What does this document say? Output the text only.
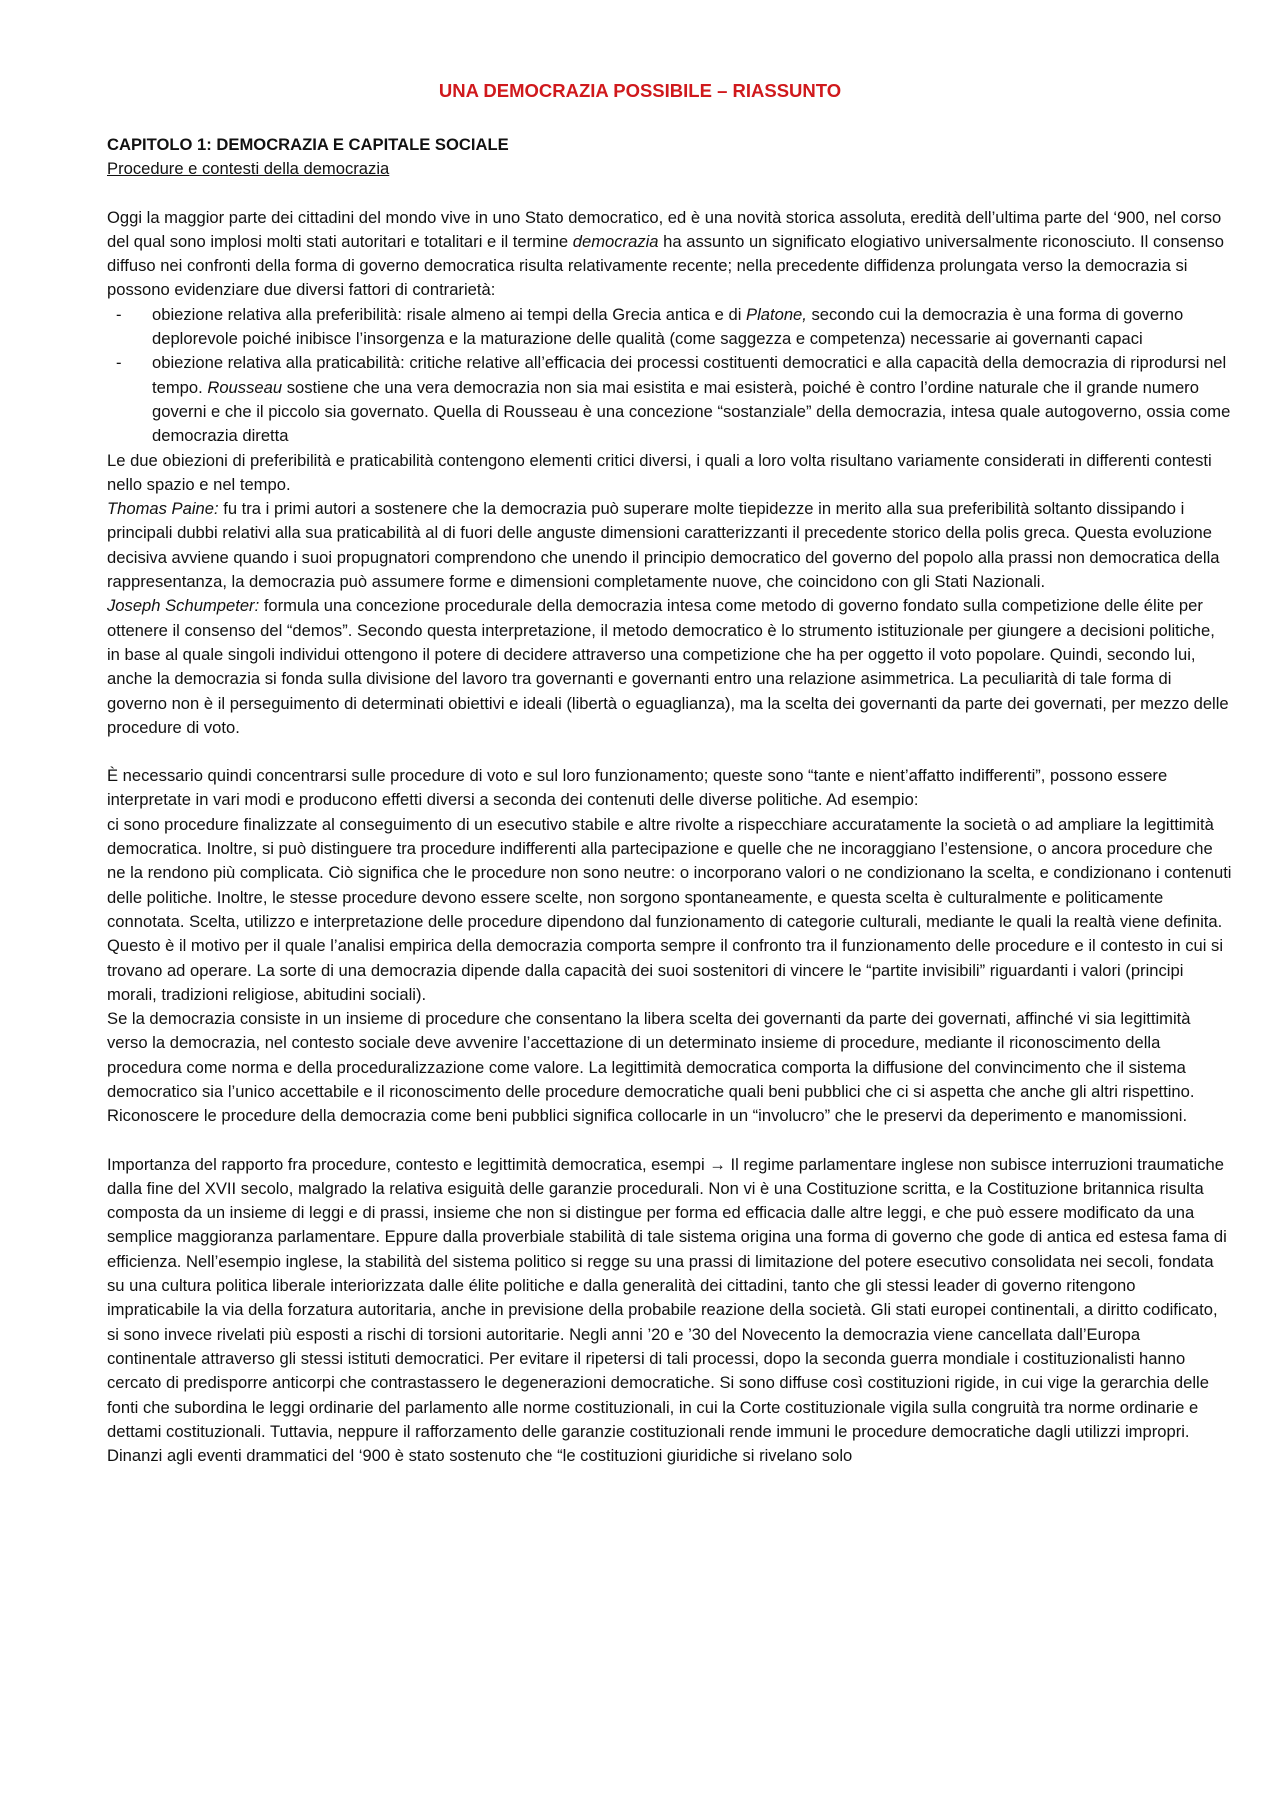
UNA DEMOCRAZIA POSSIBILE – RIASSUNTO

CAPITOLO 1: DEMOCRAZIA E CAPITALE SOCIALE

Procedure e contesti della democrazia

Oggi la maggior parte dei cittadini del mondo vive in uno Stato democratico, ed è una novità storica assoluta, eredità dell’ultima parte del ‘900, nel corso del qual sono implosi molti stati autoritari e totalitari e il termine democrazia ha assunto un significato elogiativo universalmente riconosciuto. Il consenso diffuso nei confronti della forma di governo democratica risulta relativamente recente; nella precedente diffidenza prolungata verso la democrazia si possono evidenziare due diversi fattori di contrarietà:

- obiezione relativa alla preferibilità: risale almeno ai tempi della Grecia antica e di Platone, secondo cui la democrazia è una forma di governo deplorevole poiché inibisce l’insorgenza e la maturazione delle qualità (come saggezza e competenza) necessarie ai governanti capaci
- obiezione relativa alla praticabilità: critiche relative all’efficacia dei processi costituenti democratici e alla capacità della democrazia di riprodursi nel tempo. Rousseau sostiene che una vera democrazia non sia mai esistita e mai esisterà, poiché è contro l’ordine naturale che il grande numero governi e che il piccolo sia governato. Quella di Rousseau è una concezione “sostanziale” della democrazia, intesa quale autogoverno, ossia come democrazia diretta

Le due obiezioni di preferibilità e praticabilità contengono elementi critici diversi, i quali a loro volta risultano variamente considerati in differenti contesti nello spazio e nel tempo.

Thomas Paine: fu tra i primi autori a sostenere che la democrazia può superare molte tiepidezze in merito alla sua preferibilità soltanto dissipando i principali dubbi relativi alla sua praticabilità al di fuori delle anguste dimensioni caratterizzanti il precedente storico della polis greca. Questa evoluzione decisiva avviene quando i suoi propugnatori comprendono che unendo il principio democratico del governo del popolo alla prassi non democratica della rappresentanza, la democrazia può assumere forme e dimensioni completamente nuove, che coincidono con gli Stati Nazionali.

Joseph Schumpeter: formula una concezione procedurale della democrazia intesa come metodo di governo fondato sulla competizione delle élite per ottenere il consenso del “demos”. Secondo questa interpretazione, il metodo democratico è lo strumento istituzionale per giungere a decisioni politiche, in base al quale singoli individui ottengono il potere di decidere attraverso una competizione che ha per oggetto il voto popolare. Quindi, secondo lui, anche la democrazia si fonda sulla divisione del lavoro tra governanti e governanti entro una relazione asimmetrica. La peculiarità di tale forma di governo non è il perseguimento di determinati obiettivi e ideali (libertà o eguaglianza), ma la scelta dei governanti da parte dei governati, per mezzo delle procedure di voto.

È necessario quindi concentrarsi sulle procedure di voto e sul loro funzionamento; queste sono “tante e nient’affatto indifferenti”, possono essere interpretate in vari modi e producono effetti diversi a seconda dei contenuti delle diverse politiche. Ad esempio:

ci sono procedure finalizzate al conseguimento di un esecutivo stabile e altre rivolte a rispecchiare accuratamente la società o ad ampliare la legittimità democratica. Inoltre, si può distinguere tra procedure indifferenti alla partecipazione e quelle che ne incoraggiano l’estensione, o ancora procedure che ne la rendono più complicata. Ciò significa che le procedure non sono neutre: o incorporano valori o ne condizionano la scelta, e condizionano i contenuti delle politiche. Inoltre, le stesse procedure devono essere scelte, non sorgono spontaneamente, e questa scelta è culturalmente e politicamente connotata. Scelta, utilizzo e interpretazione delle procedure dipendono dal funzionamento di categorie culturali, mediante le quali la realtà viene definita. Questo è il motivo per il quale l’analisi empirica della democrazia comporta sempre il confronto tra il funzionamento delle procedure e il contesto in cui si trovano ad operare. La sorte di una democrazia dipende dalla capacità dei suoi sostenitori di vincere le “partite invisibili” riguardanti i valori (principi morali, tradizioni religiose, abitudini sociali).

Se la democrazia consiste in un insieme di procedure che consentano la libera scelta dei governanti da parte dei governati, affinché vi sia legittimità verso la democrazia, nel contesto sociale deve avvenire l’accettazione di un determinato insieme di procedure, mediante il riconoscimento della procedura come norma e della proceduralizzazione come valore. La legittimità democratica comporta la diffusione del convincimento che il sistema democratico sia l’unico accettabile e il riconoscimento delle procedure democratiche quali beni pubblici che ci si aspetta che anche gli altri rispettino. Riconoscere le procedure della democrazia come beni pubblici significa collocarle in un “involucro” che le preservi da deperimento e manomissioni.

Importanza del rapporto fra procedure, contesto e legittimità democratica, esempi → Il regime parlamentare inglese non subisce interruzioni traumatiche dalla fine del XVII secolo, malgrado la relativa esiguità delle garanzie procedurali. Non vi è una Costituzione scritta, e la Costituzione britannica risulta composta da un insieme di leggi e di prassi, insieme che non si distingue per forma ed efficacia dalle altre leggi, e che può essere modificato da una semplice maggioranza parlamentare. Eppure dalla proverbiale stabilità di tale sistema origina una forma di governo che gode di antica ed estesa fama di efficienza. Nell’esempio inglese, la stabilità del sistema politico si regge su una prassi di limitazione del potere esecutivo consolidata nei secoli, fondata su una cultura politica liberale interiorizzata dalle élite politiche e dalla generalità dei cittadini, tanto che gli stessi leader di governo ritengono impraticabile la via della forzatura autoritaria, anche in previsione della probabile reazione della società. Gli stati europei continentali, a diritto codificato, si sono invece rivelati più esposti a rischi di torsioni autoritarie. Negli anni ’20 e ’30 del Novecento la democrazia viene cancellata dall’Europa continentale attraverso gli stessi istituti democratici. Per evitare il ripetersi di tali processi, dopo la seconda guerra mondiale i costituzionalisti hanno cercato di predisporre anticorpi che contrastassero le degenerazioni democratiche. Si sono diffuse così costituzioni rigide, in cui vige la gerarchia delle fonti che subordina le leggi ordinarie del parlamento alle norme costituzionali, in cui la Corte costituzionale vigila sulla congruità tra norme ordinarie e dettami costituzionali. Tuttavia, neppure il rafforzamento delle garanzie costituzionali rende immuni le procedure democratiche dagli utilizzi impropri. Dinanzi agli eventi drammatici del ‘900 è stato sostenuto che “le costituzioni giuridiche si rivelano solo
